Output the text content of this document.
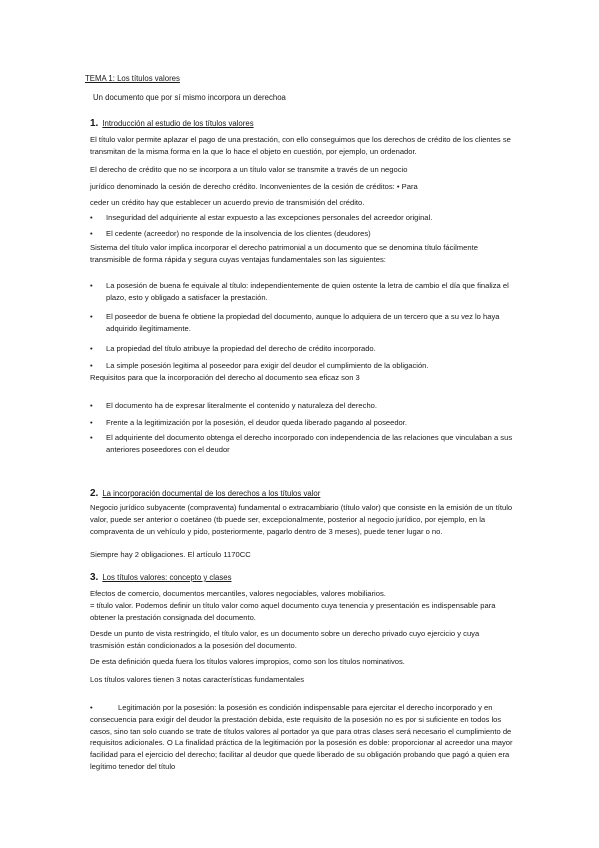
TEMA 1: Los títulos valores

Un documento que por sí mismo incorpora un derechoa

1. Introducción al estudio de los títulos valores

El título valor permite aplazar el pago de una prestación, con ello conseguimos que los derechos de crédito de los clientes se transmitan de la misma forma en la que lo hace el objeto en cuestión, por ejemplo, un ordenador.

El derecho de crédito que no se incorpora a un título valor se transmite a través de un negocio

jurídico denominado la cesión de derecho crédito. Inconvenientes de la cesión de créditos: • Para

ceder un crédito hay que establecer un acuerdo previo de transmisión del crédito.

• Inseguridad del adquiriente al estar expuesto a las excepciones personales del acreedor original.
• El cedente (acreedor) no responde de la insolvencia de los clientes (deudores)

Sistema del título valor implica incorporar el derecho patrimonial a un documento que se denomina título fácilmente transmisible de forma rápida y segura cuyas ventajas fundamentales son las siguientes:

• La posesión de buena fe equivale al título: independientemente de quien ostente la letra de cambio el día que finaliza el plazo, esto y obligado a satisfacer la prestación.
• El poseedor de buena fe obtiene la propiedad del documento, aunque lo adquiera de un tercero que a su vez lo haya adquirido ilegítimamente.
• La propiedad del título atribuye la propiedad del derecho de crédito incorporado.
• La simple posesión legitima al poseedor para exigir del deudor el cumplimiento de la obligación.

Requisitos para que la incorporación del derecho al documento sea eficaz son 3

• El documento ha de expresar literalmente el contenido y naturaleza del derecho.
• Frente a la legitimización por la posesión, el deudor queda liberado pagando al poseedor.
• El adquiriente del documento obtenga el derecho incorporado con independencia de las relaciones que vinculaban a sus anteriores poseedores con el deudor
2. La incorporación documental de los derechos a los títulos valor

Negocio jurídico subyacente (compraventa) fundamental o extracambiario (título valor) que consiste en la emisión de un título valor, puede ser anterior o coetáneo (tb puede ser, excepcionalmente, posterior al negocio jurídico, por ejemplo, en la compraventa de un vehículo y pido, posteriormente, pagarlo dentro de 3 meses), puede tener lugar o no.

Siempre hay 2 obligaciones. El artículo 1170CC

3. Los títulos valores: concepto y clases

Efectos de comercio, documentos mercantiles, valores negociables, valores mobiliarios.

= título valor. Podemos definir un título valor como aquel documento cuya tenencia y presentación es indispensable para obtener la prestación consignada del documento.

Desde un punto de vista restringido, el título valor, es un documento sobre un derecho privado cuyo ejercicio y cuya trasmisión están condicionados a la posesión del documento.

De esta definición queda fuera los títulos valores impropios, como son los títulos nominativos.

Los títulos valores tienen 3 notas características fundamentales

•	Legitimación por la posesión: la posesión es condición indispensable para ejercitar el derecho incorporado y en consecuencia para exigir del deudor la prestación debida, este requisito de la posesión no es por si suficiente en todos los casos, sino tan solo cuando se trate de títulos valores al portador ya que para otras clases será necesario el cumplimiento de requisitos adicionales. O La finalidad práctica de la legitimación por la posesión es doble: proporcionar al acreedor una mayor facilidad para el ejercicio del derecho; facilitar al deudor que quede liberado de su obligación probando que pagó a quien era legítimo tenedor del título
